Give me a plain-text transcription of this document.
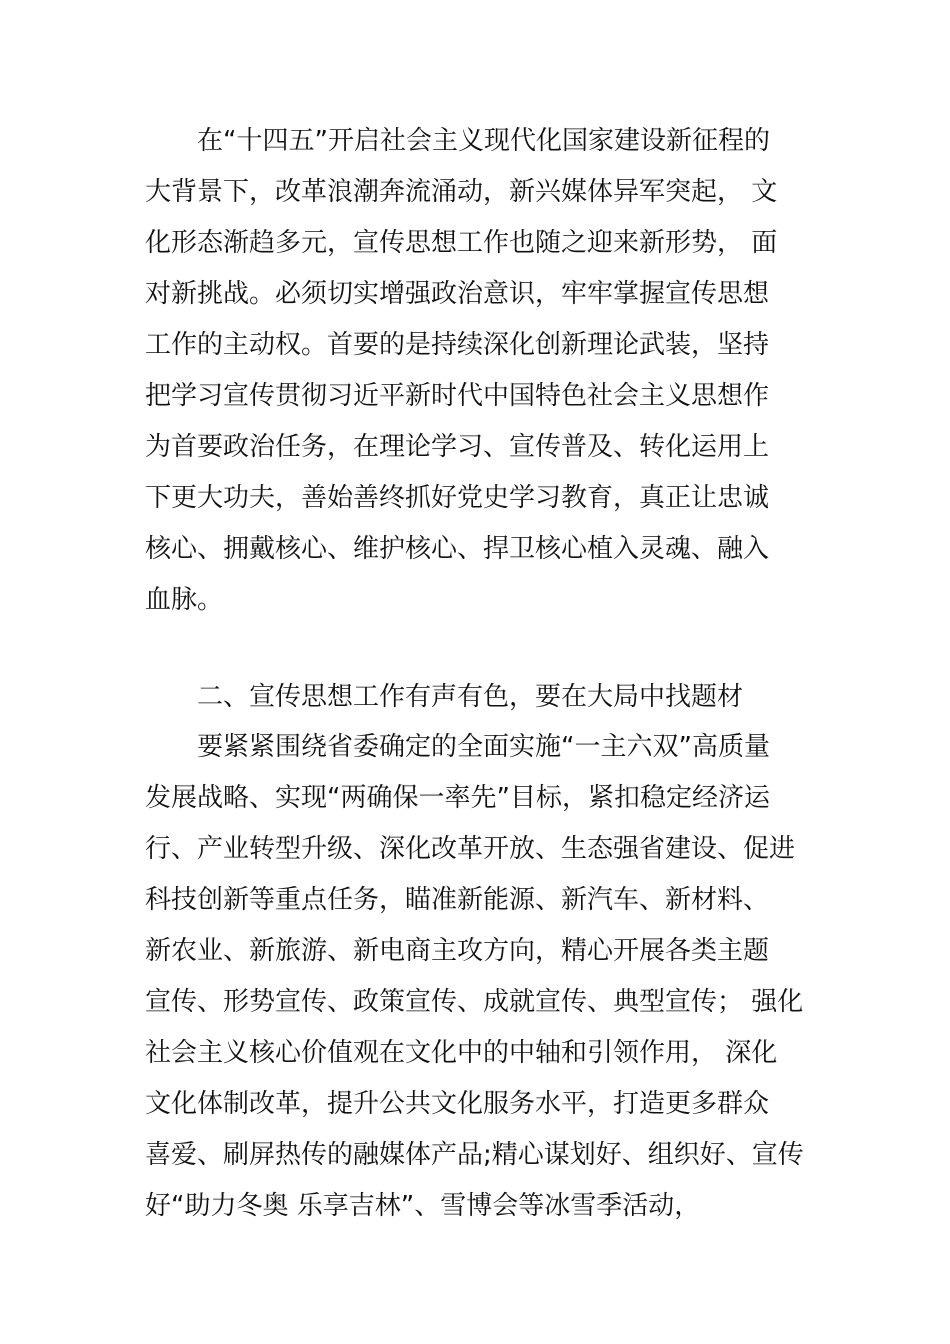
在“十四五”开启社会主义现代化国家建设新征程的
大背景下，改革浪潮奔流涌动，新兴媒体异军突起， 文
化形态渐趋多元，宣传思想工作也随之迎来新形势， 面
对新挑战。必须切实增强政治意识，牢牢掌握宣传思想
工作的主动权。首要的是持续深化创新理论武装，坚持
把学习宣传贯彻习近平新时代中国特色社会主义思想作
为首要政治任务，在理论学习、宣传普及、转化运用上
下更大功夫，善始善终抓好党史学习教育，真正让忠诚
核心、拥戴核心、维护核心、捍卫核心植入灵魂、融入
血脉。
二、宣传思想工作有声有色，要在大局中找题材
要紧紧围绕省委确定的全面实施“一主六双”高质量
发展战略、实现“两确保一率先”目标，紧扣稳定经济运
行、产业转型升级、深化改革开放、生态强省建设、促进
科技创新等重点任务，瞄准新能源、新汽车、新材料、
新农业、新旅游、新电商主攻方向，精心开展各类主题
宣传、形势宣传、政策宣传、成就宣传、典型宣传； 强化
社会主义核心价值观在文化中的中轴和引领作用， 深化
文化体制改革，提升公共文化服务水平，打造更多群众
喜爱、刷屏热传的融媒体产品;精心谋划好、组织好、宣传
好“助力冬奥 乐享吉林”、雪博会等冰雪季活动，
